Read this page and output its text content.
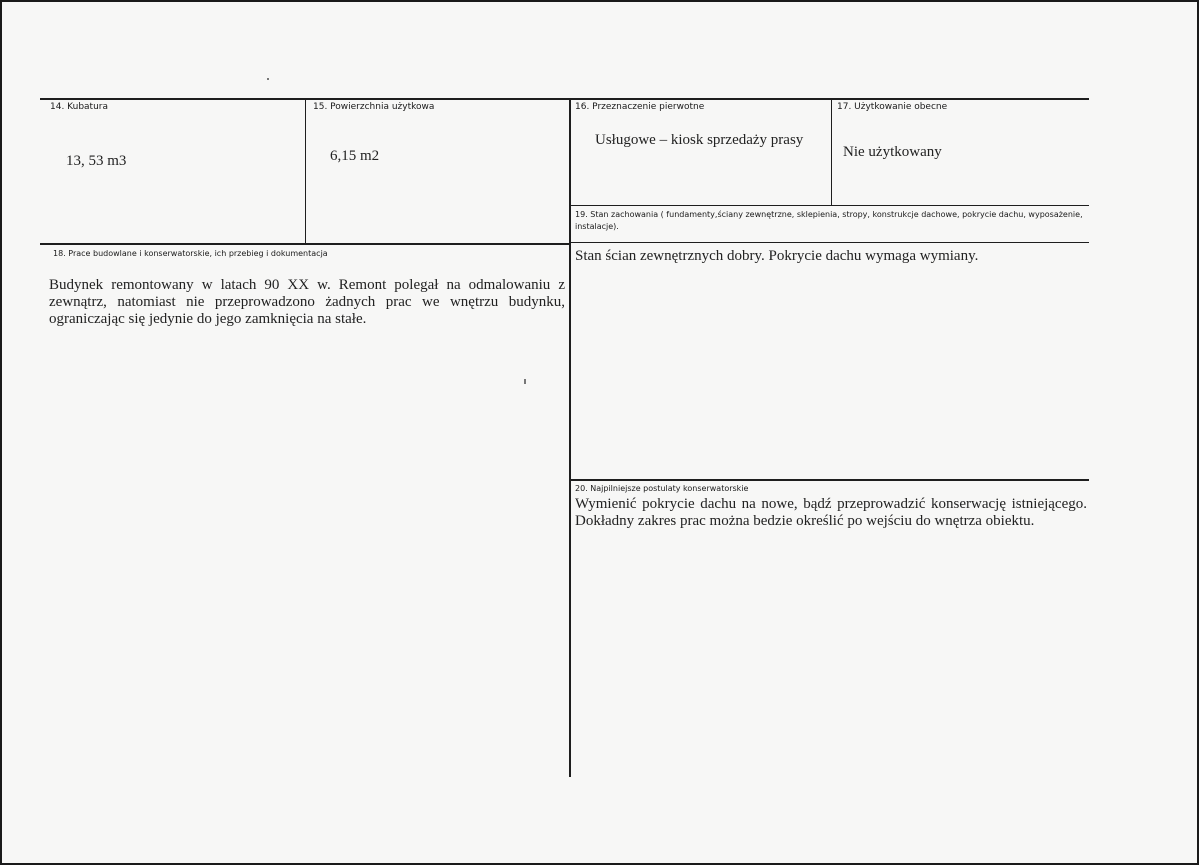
14. Kubatura
13, 53 m3
15. Powierzchnia użytkowa
6,15 m2
16. Przeznaczenie pierwotne
Usługowe – kiosk sprzedaży prasy
17. Użytkowanie obecne
Nie użytkowany
19. Stan zachowania ( fundamenty,ściany zewnętrzne, sklepienia, stropy, konstrukcje dachowe, pokrycie dachu, wyposażenie, instalacje).
Stan ścian zewnętrznych dobry. Pokrycie dachu wymaga wymiany.
18. Prace budowlane i konserwatorskie, ich przebieg i dokumentacja
Budynek remontowany w latach 90 XX w. Remont polegał na odmalowaniu z zewnątrz, natomiast nie przeprowadzono żadnych prac we wnętrzu budynku, ograniczając się jedynie do jego zamknięcia na stałe.
20. Najpilniejsze postulaty konserwatorskie
Wymienić pokrycie dachu na nowe, bądź przeprowadzić konserwację istniejącego. Dokładny zakres prac można bedzie określić po wejściu do wnętrza obiektu.
